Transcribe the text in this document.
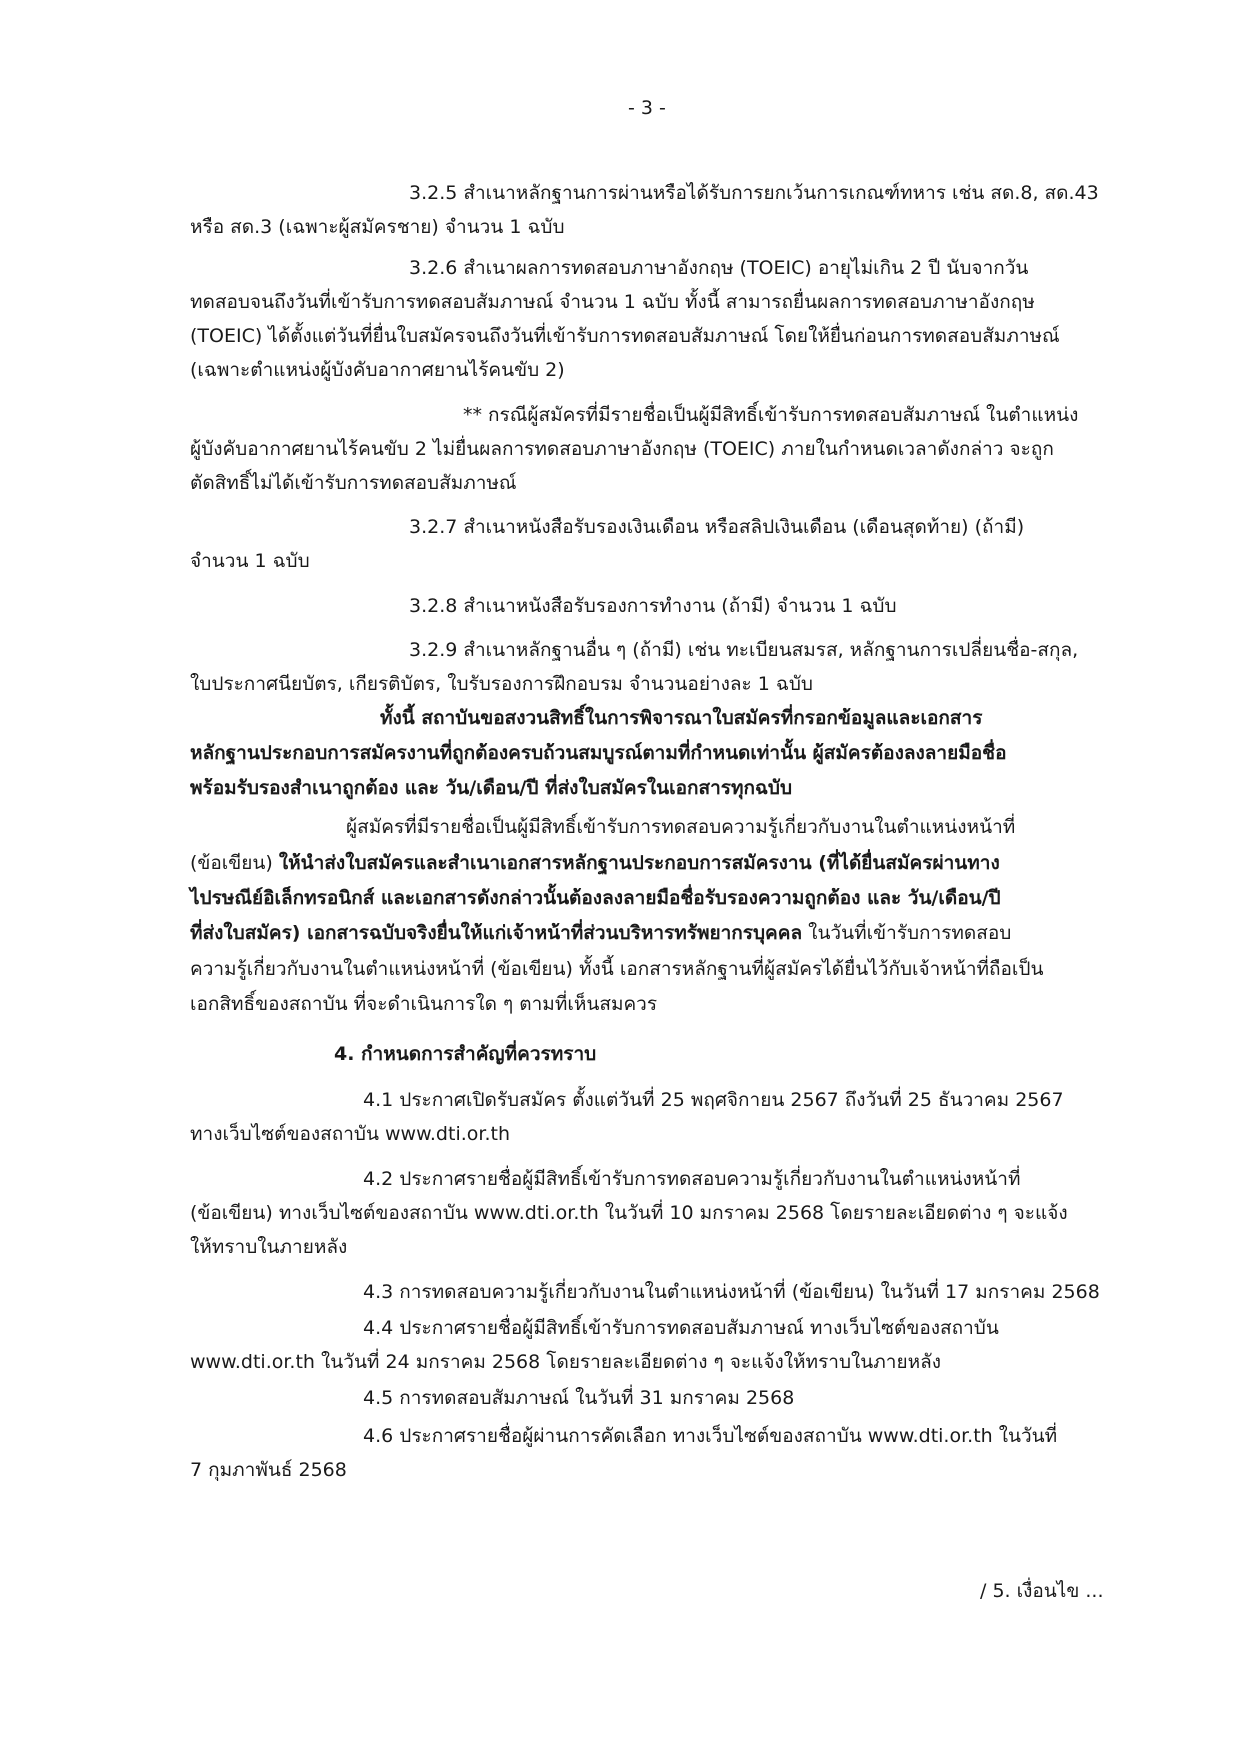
- 3 -
3.2.5 สำเนาหลักฐานการผ่านหรือได้รับการยกเว้นการเกณฑ์ทหาร เช่น สด.8, สด.43
หรือ สด.3 (เฉพาะผู้สมัครชาย) จำนวน 1 ฉบับ
3.2.6 สำเนาผลการทดสอบภาษาอังกฤษ (TOEIC) อายุไม่เกิน 2 ปี นับจากวัน
ทดสอบจนถึงวันที่เข้ารับการทดสอบสัมภาษณ์ จำนวน 1 ฉบับ ทั้งนี้ สามารถยื่นผลการทดสอบภาษาอังกฤษ
(TOEIC) ได้ตั้งแต่วันที่ยื่นใบสมัครจนถึงวันที่เข้ารับการทดสอบสัมภาษณ์ โดยให้ยื่นก่อนการทดสอบสัมภาษณ์
(เฉพาะตำแหน่งผู้บังคับอากาศยานไร้คนขับ 2)
** กรณีผู้สมัครที่มีรายชื่อเป็นผู้มีสิทธิ์เข้ารับการทดสอบสัมภาษณ์ ในตำแหน่ง
ผู้บังคับอากาศยานไร้คนขับ 2 ไม่ยื่นผลการทดสอบภาษาอังกฤษ (TOEIC) ภายในกำหนดเวลาดังกล่าว จะถูก
ตัดสิทธิ์ไม่ได้เข้ารับการทดสอบสัมภาษณ์
3.2.7 สำเนาหนังสือรับรองเงินเดือน หรือสลิปเงินเดือน (เดือนสุดท้าย) (ถ้ามี)
จำนวน 1 ฉบับ
3.2.8 สำเนาหนังสือรับรองการทำงาน (ถ้ามี) จำนวน 1 ฉบับ
3.2.9 สำเนาหลักฐานอื่น ๆ (ถ้ามี) เช่น ทะเบียนสมรส, หลักฐานการเปลี่ยนชื่อ-สกุล,
ใบประกาศนียบัตร, เกียรติบัตร, ใบรับรองการฝึกอบรม จำนวนอย่างละ 1 ฉบับ
ทั้งนี้ สถาบันขอสงวนสิทธิ์ในการพิจารณาใบสมัครที่กรอกข้อมูลและเอกสาร
หลักฐานประกอบการสมัครงานที่ถูกต้องครบถ้วนสมบูรณ์ตามที่กำหนดเท่านั้น ผู้สมัครต้องลงลายมือชื่อ
พร้อมรับรองสำเนาถูกต้อง และ วัน/เดือน/ปี ที่ส่งใบสมัครในเอกสารทุกฉบับ
ผู้สมัครที่มีรายชื่อเป็นผู้มีสิทธิ์เข้ารับการทดสอบความรู้เกี่ยวกับงานในตำแหน่งหน้าที่
(ข้อเขียน) ให้นำส่งใบสมัครและสำเนาเอกสารหลักฐานประกอบการสมัครงาน (ที่ได้ยื่นสมัครผ่านทาง
ไปรษณีย์อิเล็กทรอนิกส์ และเอกสารดังกล่าวนั้นต้องลงลายมือชื่อรับรองความถูกต้อง และ วัน/เดือน/ปี
ที่ส่งใบสมัคร) เอกสารฉบับจริงยื่นให้แก่เจ้าหน้าที่ส่วนบริหารทรัพยากรบุคคล ในวันที่เข้ารับการทดสอบ
ความรู้เกี่ยวกับงานในตำแหน่งหน้าที่ (ข้อเขียน) ทั้งนี้ เอกสารหลักฐานที่ผู้สมัครได้ยื่นไว้กับเจ้าหน้าที่ถือเป็น
เอกสิทธิ์ของสถาบัน ที่จะดำเนินการใด ๆ ตามที่เห็นสมควร
4. กำหนดการสำคัญที่ควรทราบ
4.1 ประกาศเปิดรับสมัคร ตั้งแต่วันที่ 25 พฤศจิกายน 2567 ถึงวันที่ 25 ธันวาคม 2567
ทางเว็บไซต์ของสถาบัน www.dti.or.th
4.2 ประกาศรายชื่อผู้มีสิทธิ์เข้ารับการทดสอบความรู้เกี่ยวกับงานในตำแหน่งหน้าที่
(ข้อเขียน) ทางเว็บไซต์ของสถาบัน www.dti.or.th ในวันที่ 10 มกราคม 2568 โดยรายละเอียดต่าง ๆ จะแจ้ง
ให้ทราบในภายหลัง
4.3 การทดสอบความรู้เกี่ยวกับงานในตำแหน่งหน้าที่ (ข้อเขียน) ในวันที่ 17 มกราคม 2568
4.4 ประกาศรายชื่อผู้มีสิทธิ์เข้ารับการทดสอบสัมภาษณ์ ทางเว็บไซต์ของสถาบัน
www.dti.or.th ในวันที่ 24 มกราคม 2568 โดยรายละเอียดต่าง ๆ จะแจ้งให้ทราบในภายหลัง
4.5 การทดสอบสัมภาษณ์ ในวันที่ 31 มกราคม 2568
4.6 ประกาศรายชื่อผู้ผ่านการคัดเลือก ทางเว็บไซต์ของสถาบัน www.dti.or.th ในวันที่
7 กุมภาพันธ์ 2568
/ 5. เงื่อนไข ...
